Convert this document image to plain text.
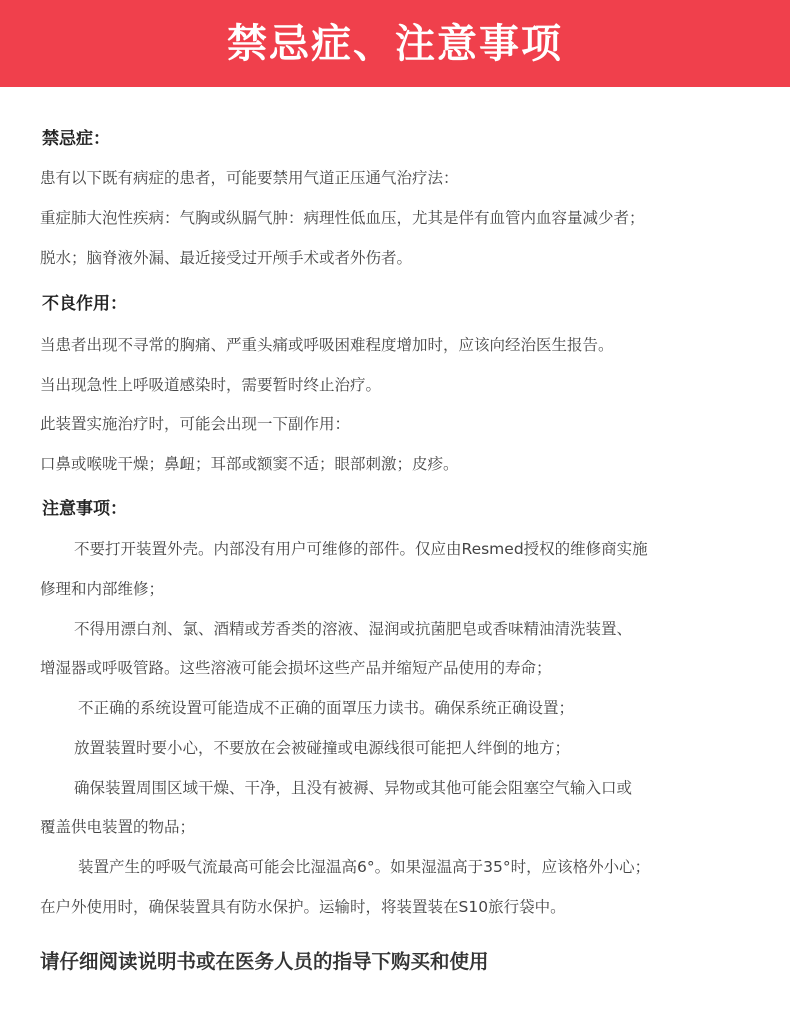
禁忌症、注意事项
禁忌症：
患有以下既有病症的患者，可能要禁用气道正压通气治疗法：
重症肺大泡性疾病：气胸或纵膈气肿：病理性低血压，尤其是伴有血管内血容量减少者；
脱水；脑脊液外漏、最近接受过开颅手术或者外伤者。
不良作用：
当患者出现不寻常的胸痛、严重头痛或呼吸困难程度增加时，应该向经治医生报告。
当出现急性上呼吸道感染时，需要暂时终止治疗。
此装置实施治疗时，可能会出现一下副作用：
口鼻或喉咙干燥；鼻衄；耳部或额窦不适；眼部刺激；皮疹。
注意事项：
不要打开装置外壳。内部没有用户可维修的部件。仅应由Resmed授权的维修商实施
修理和内部维修；
不得用漂白剂、氯、酒精或芳香类的溶液、湿润或抗菌肥皂或香味精油清洗装置、
增湿器或呼吸管路。这些溶液可能会损坏这些产品并缩短产品使用的寿命；
不正确的系统设置可能造成不正确的面罩压力读书。确保系统正确设置；
放置装置时要小心，不要放在会被碰撞或电源线很可能把人绊倒的地方；
确保装置周围区域干燥、干净，且没有被褥、异物或其他可能会阻塞空气输入口或
覆盖供电装置的物品；
装置产生的呼吸气流最高可能会比湿温高6°。如果湿温高于35°时，应该格外小心；
在户外使用时，确保装置具有防水保护。运输时，将装置装在S10旅行袋中。
请仔细阅读说明书或在医务人员的指导下购买和使用
